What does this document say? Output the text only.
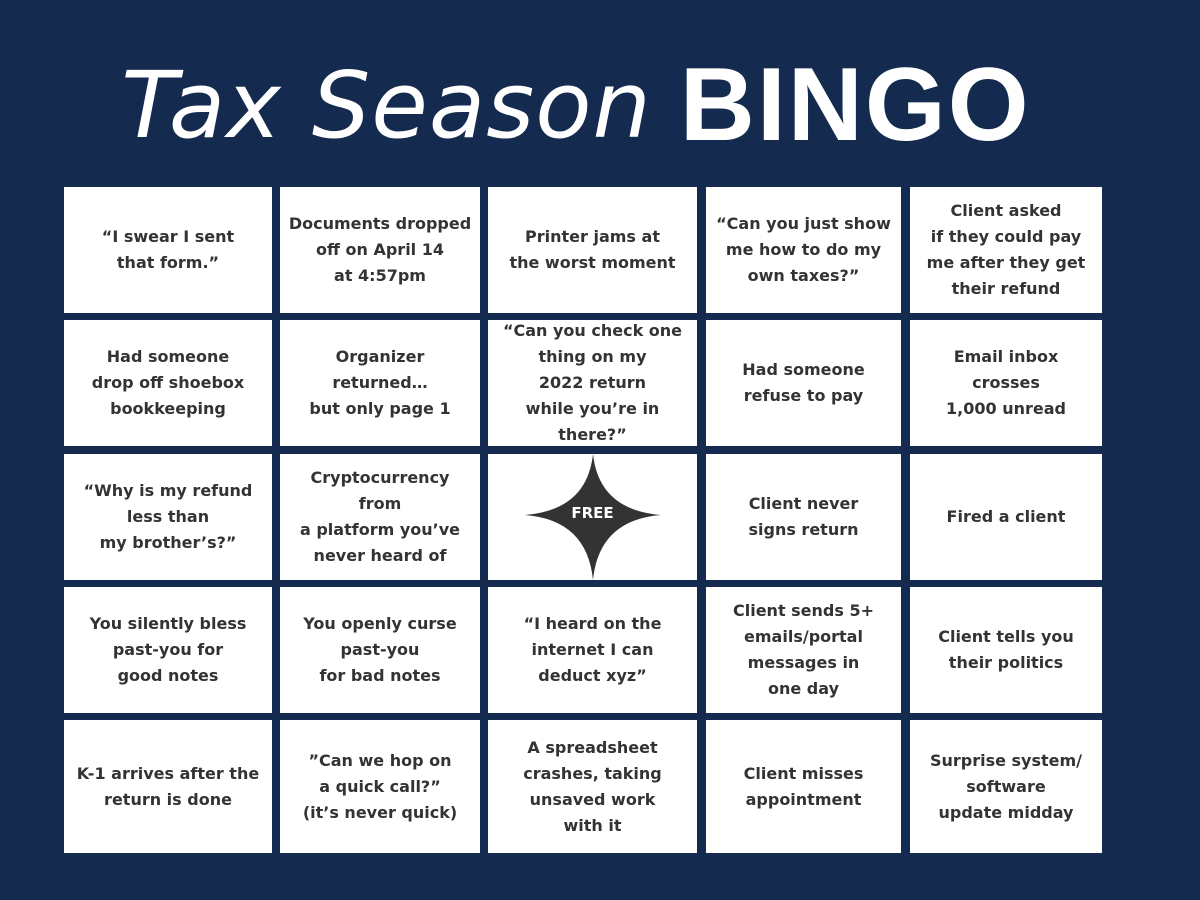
Tax Season BINGO
“I swear I sent
that form.”
Documents dropped
off on April 14
at 4:57pm
Printer jams at
the worst moment
“Can you just show
me how to do my
own taxes?”
Client asked
if they could pay
me after they get
their refund
Had someone
drop off shoebox
bookkeeping
Organizer returned…
but only page 1
“Can you check one
thing on my
2022 return
while you’re in there?”
Had someone
refuse to pay
Email inbox crosses
1,000 unread
“Why is my refund
less than
my brother’s?”
Cryptocurrency from
a platform you’ve
never heard of
FREE	Client never
signs return
Fired a client
You silently bless
past-you for
good notes
You openly curse
past-you
for bad notes
“I heard on the
internet I can
deduct xyz”
Client sends 5+
emails/portal
messages in
one day
Client tells you
their politics
K-1 arrives after the
return is done
”Can we hop on
a quick call?”
(it’s never quick)
A spreadsheet
crashes, taking
unsaved work
with it
Client misses
appointment
Surprise system/
software
update midday
